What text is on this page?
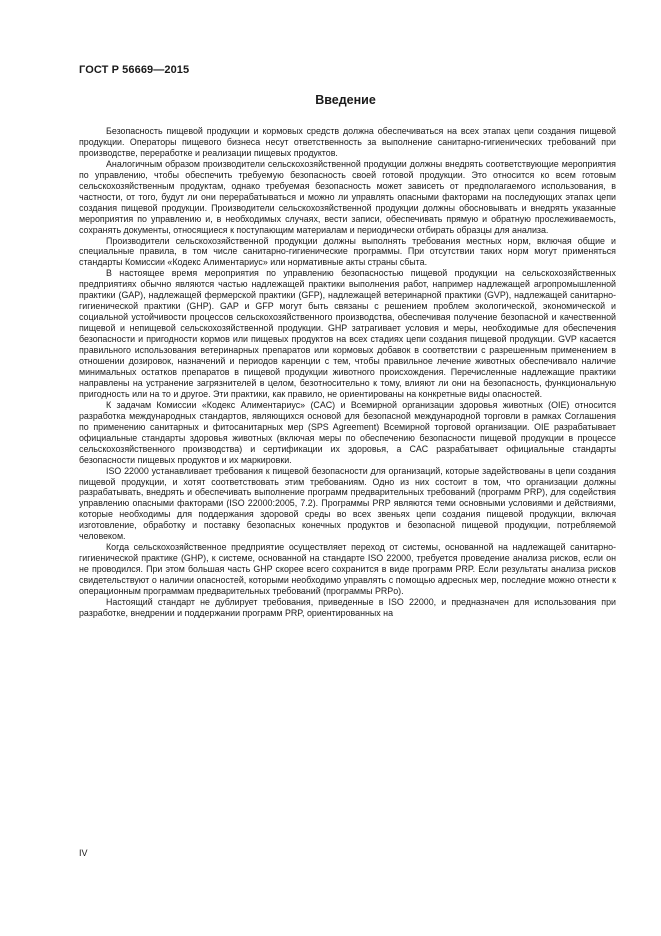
ГОСТ Р 56669—2015
Введение

Безопасность пищевой продукции и кормовых средств должна обеспечиваться на всех этапах цепи создания пищевой продукции. Операторы пищевого бизнеса несут ответственность за выполнение санитарно-гигиенических требований при производстве, переработке и реализации пищевых продуктов.

Аналогичным образом производители сельскохозяйственной продукции должны внедрять соответствующие мероприятия по управлению, чтобы обеспечить требуемую безопасность своей готовой продукции. Это относится ко всем готовым сельскохозяйственным продуктам, однако требуемая безопасность может зависеть от предполагаемого использования, в частности, от того, будут ли они перерабатываться и можно ли управлять опасными факторами на последующих этапах цепи создания пищевой продукции. Производители сельскохозяйственной продукции должны обосновывать и внедрять указанные мероприятия по управлению и, в необходимых случаях, вести записи, обеспечивать прямую и обратную прослеживаемость, сохранять документы, относящиеся к поступающим материалам и периодически отбирать образцы для анализа.

Производители сельскохозяйственной продукции должны выполнять требования местных норм, включая общие и специальные правила, в том числе санитарно-гигиенические программы. При отсутствии таких норм могут применяться стандарты Комиссии «Кодекс Алиментариус» или нормативные акты страны сбыта.

В настоящее время мероприятия по управлению безопасностью пищевой продукции на сельскохозяйственных предприятиях обычно являются частью надлежащей практики выполнения работ, например надлежащей агропромышленной практики (GAP), надлежащей фермерской практики (GFP), надлежащей ветеринарной практики (GVP), надлежащей санитарно-гигиенической практики (GHP). GAP и GFP могут быть связаны с решением проблем экологической, экономической и социальной устойчивости процессов сельскохозяйственного производства, обеспечивая получение безопасной и качественной пищевой и непищевой сельскохозяйственной продукции. GHP затрагивает условия и меры, необходимые для обеспечения безопасности и пригодности кормов или пищевых продуктов на всех стадиях цепи создания пищевой продукции. GVP касается правильного использования ветеринарных препаратов или кормовых добавок в соответствии с разрешенным применением в отношении дозировок, назначений и периодов каренции с тем, чтобы правильное лечение животных обеспечивало наличие минимальных остатков препаратов в пищевой продукции животного происхождения. Перечисленные надлежащие практики направлены на устранение загрязнителей в целом, безотносительно к тому, влияют ли они на безопасность, функциональную пригодность или на то и другое. Эти практики, как правило, не ориентированы на конкретные виды опасностей.

К задачам Комиссии «Кодекс Алиментариус» (CAC) и Всемирной организации здоровья животных (OIE) относится разработка международных стандартов, являющихся основой для безопасной международной торговли в рамках Соглашения по применению санитарных и фитосанитарных мер (SPS Agreement) Всемирной торговой организации. OIE разрабатывает официальные стандарты здоровья животных (включая меры по обеспечению безопасности пищевой продукции в процессе сельскохозяйственного производства) и сертификации их здоровья, а CAC разрабатывает официальные стандарты безопасности пищевых продуктов и их маркировки.

ISO 22000 устанавливает требования к пищевой безопасности для организаций, которые задействованы в цепи создания пищевой продукции, и хотят соответствовать этим требованиям. Одно из них состоит в том, что организации должны разрабатывать, внедрять и обеспечивать выполнение программ предварительных требований (программ PRP), для содействия управлению опасными факторами (ISO 22000:2005, 7.2). Программы PRP являются теми основными условиями и действиями, которые необходимы для поддержания здоровой среды во всех звеньях цепи создания пищевой продукции, включая изготовление, обработку и поставку безопасных конечных продуктов и безопасной пищевой продукции, потребляемой человеком.

Когда сельскохозяйственное предприятие осуществляет переход от системы, основанной на надлежащей санитарно-гигиенической практике (GHP), к системе, основанной на стандарте ISO 22000, требуется проведение анализа рисков, если он не проводился. При этом большая часть GHP скорее всего сохранится в виде программ PRP. Если результаты анализа рисков свидетельствуют о наличии опасностей, которыми необходимо управлять с помощью адресных мер, последние можно отнести к операционным программам предварительных требований (программы PRPо).

Настоящий стандарт не дублирует требования, приведенные в ISO 22000, и предназначен для использования при разработке, внедрении и поддержании программ PRP, ориентированных на

IV
